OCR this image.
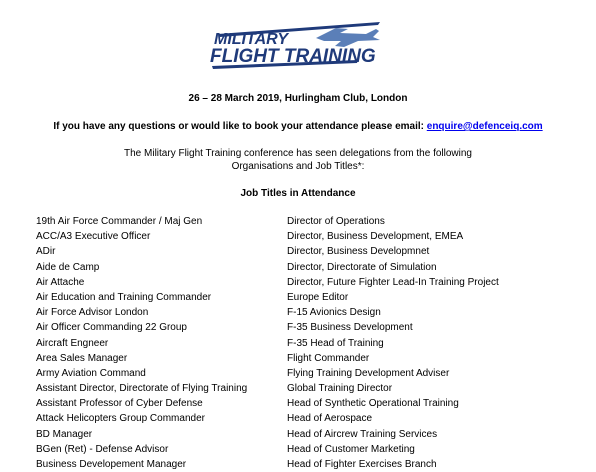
MILITARY
FLIGHT TRAINING
26 – 28 March 2019, Hurlingham Club, London
If you have any questions or would like to book your attendance please email: enquire@defenceiq.com
The Military Flight Training conference has seen delegations from the following
Organisations and Job Titles*:
Job Titles in Attendance
19th Air Force Commander / Maj Gen
ACC/A3 Executive Officer
ADir
Aide de Camp
Air Attache
Air Education and Training Commander
Air Force Advisor London
Air Officer Commanding 22 Group
Aircraft Engneer
Area Sales Manager
Army Aviation Command
Assistant Director, Directorate of Flying Training
Assistant Professor of Cyber Defense
Attack Helicopters Group Commander
BD Manager
BGen (Ret) - Defense Advisor
Business Developement Manager
Director of Operations
Director, Business Development, EMEA
Director, Business Developmnet
Director, Directorate of Simulation
Director, Future Fighter Lead-In Training Project
Europe Editor
F-15 Avionics Design
F-35 Business Development
F-35 Head of Training
Flight Commander
Flying Training Development Adviser
Global Training Director
Head of Synthetic Operational Training
Head of Aerospace
Head of Aircrew Training Services
Head of Customer Marketing
Head of Fighter Exercises Branch
